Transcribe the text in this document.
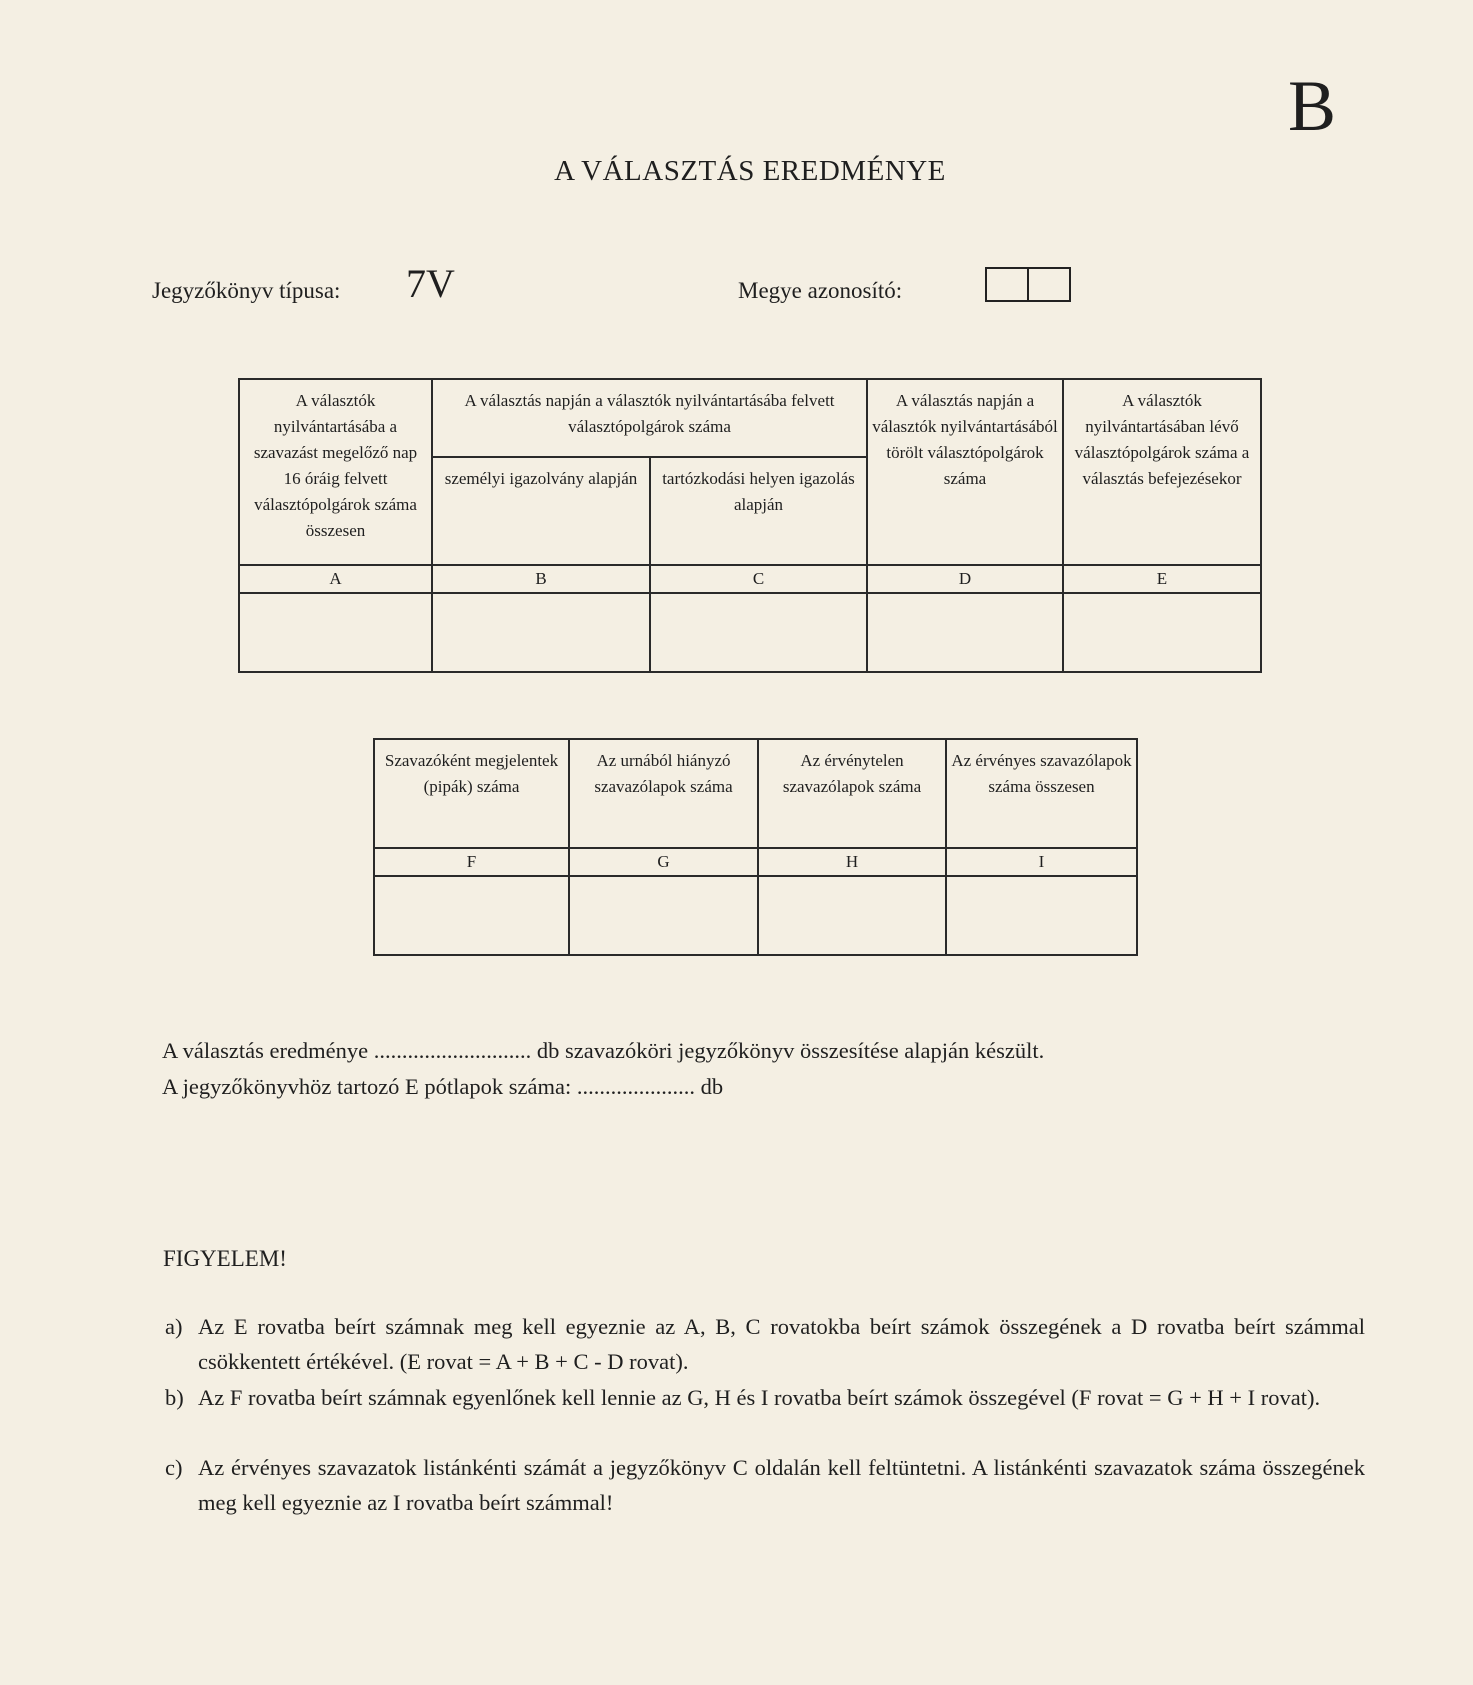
B
A VÁLASZTÁS EREDMÉNYE
Jegyzőkönyv típusa: 7V	Megye azonosító:
A választók nyilvántartásába a szavazást megelőző nap 16 óráig felvett választópolgárok száma összesen	A választás napján a választók nyilvántartásába felvett választópolgárok száma		A választás napján a választók nyilvántartásából törölt választópolgárok száma	A választók nyilvántartásában lévő választópolgárok száma a választás befejezésekor
	személyi igazolvány alapján	tartózkodási helyen igazolás alapján		
A	B	C	D	E

Szavazóként megjelentek (pipák) száma	Az urnából hiányzó szavazólapok száma	Az érvénytelen szavazólapok száma	Az érvényes szavazólapok száma összesen
F	G	H	I

A választás eredménye ............................ db szavazóköri jegyzőkönyv összesítése alapján készült.
A jegyzőkönyvhöz tartozó E pótlapok száma: ..................... db
FIGYELEM!
a) Az E rovatba beírt számnak meg kell egyeznie az A, B, C rovatokba beírt számok összegének a D rovatba beírt számmal csökkentett értékével. (E rovat = A + B + C - D rovat).
b) Az F rovatba beírt számnak egyenlőnek kell lennie az G, H és I rovatba beírt számok összegével (F rovat = G + H + I rovat).
c) Az érvényes szavazatok listánkénti számát a jegyzőkönyv C oldalán kell feltüntetni. A listánkénti szavazatok száma összegének meg kell egyeznie az I rovatba beírt számmal!
